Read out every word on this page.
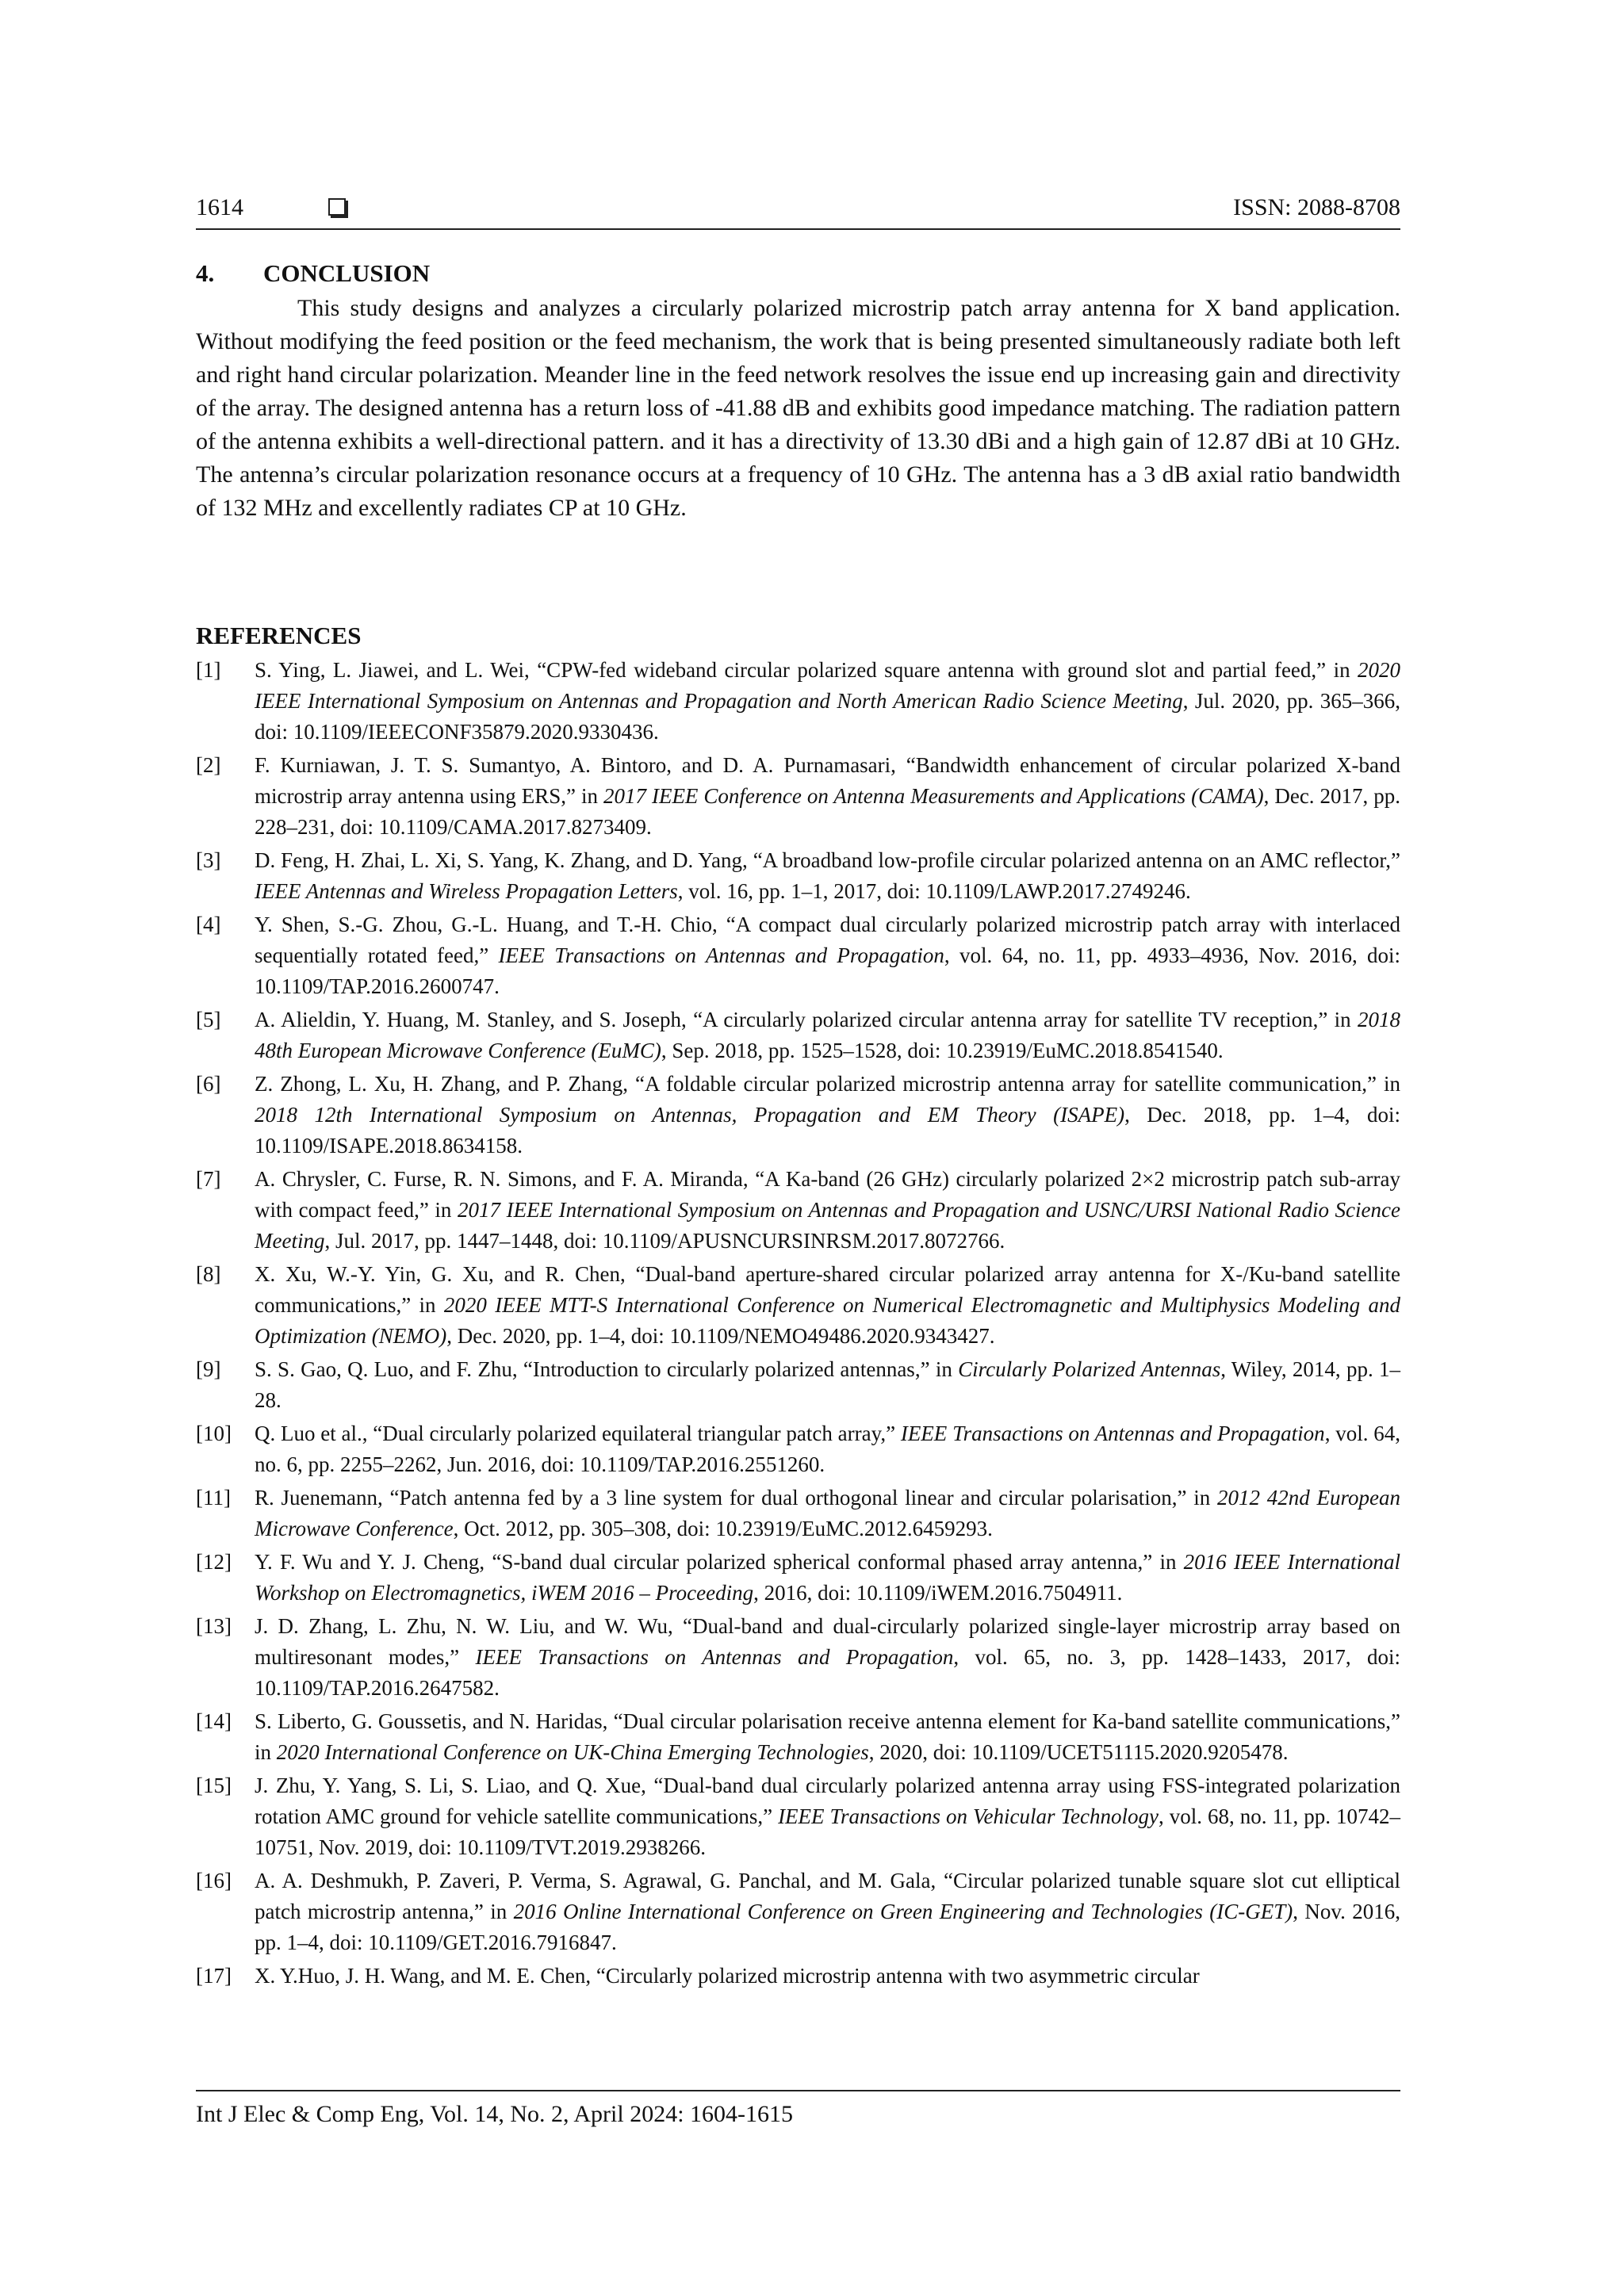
1614	ISSN: 2088-8708
4. CONCLUSION

This study designs and analyzes a circularly polarized microstrip patch array antenna for X band application. Without modifying the feed position or the feed mechanism, the work that is being presented simultaneously radiate both left and right hand circular polarization. Meander line in the feed network resolves the issue end up increasing gain and directivity of the array. The designed antenna has a return loss of -41.88 dB and exhibits good impedance matching. The radiation pattern of the antenna exhibits a well-directional pattern. and it has a directivity of 13.30 dBi and a high gain of 12.87 dBi at 10 GHz. The antenna’s circular polarization resonance occurs at a frequency of 10 GHz. The antenna has a 3 dB axial ratio bandwidth of 132 MHz and excellently radiates CP at 10 GHz.

REFERENCES
[1] S. Ying, L. Jiawei, and L. Wei, “CPW-fed wideband circular polarized square antenna with ground slot and partial feed,” in 2020 IEEE International Symposium on Antennas and Propagation and North American Radio Science Meeting, Jul. 2020, pp. 365–366, doi: 10.1109/IEEECONF35879.2020.9330436.
[2] F. Kurniawan, J. T. S. Sumantyo, A. Bintoro, and D. A. Purnamasari, “Bandwidth enhancement of circular polarized X-band microstrip array antenna using ERS,” in 2017 IEEE Conference on Antenna Measurements and Applications (CAMA), Dec. 2017, pp. 228–231, doi: 10.1109/CAMA.2017.8273409.
[3] D. Feng, H. Zhai, L. Xi, S. Yang, K. Zhang, and D. Yang, “A broadband low-profile circular polarized antenna on an AMC reflector,” IEEE Antennas and Wireless Propagation Letters, vol. 16, pp. 1–1, 2017, doi: 10.1109/LAWP.2017.2749246.
[4] Y. Shen, S.-G. Zhou, G.-L. Huang, and T.-H. Chio, “A compact dual circularly polarized microstrip patch array with interlaced sequentially rotated feed,” IEEE Transactions on Antennas and Propagation, vol. 64, no. 11, pp. 4933–4936, Nov. 2016, doi: 10.1109/TAP.2016.2600747.
[5] A. Alieldin, Y. Huang, M. Stanley, and S. Joseph, “A circularly polarized circular antenna array for satellite TV reception,” in 2018 48th European Microwave Conference (EuMC), Sep. 2018, pp. 1525–1528, doi: 10.23919/EuMC.2018.8541540.
[6] Z. Zhong, L. Xu, H. Zhang, and P. Zhang, “A foldable circular polarized microstrip antenna array for satellite communication,” in 2018 12th International Symposium on Antennas, Propagation and EM Theory (ISAPE), Dec. 2018, pp. 1–4, doi: 10.1109/ISAPE.2018.8634158.
[7] A. Chrysler, C. Furse, R. N. Simons, and F. A. Miranda, “A Ka-band (26 GHz) circularly polarized 2×2 microstrip patch sub-array with compact feed,” in 2017 IEEE International Symposium on Antennas and Propagation and USNC/URSI National Radio Science Meeting, Jul. 2017, pp. 1447–1448, doi: 10.1109/APUSNCURSINRSM.2017.8072766.
[8] X. Xu, W.-Y. Yin, G. Xu, and R. Chen, “Dual-band aperture-shared circular polarized array antenna for X-/Ku-band satellite communications,” in 2020 IEEE MTT-S International Conference on Numerical Electromagnetic and Multiphysics Modeling and Optimization (NEMO), Dec. 2020, pp. 1–4, doi: 10.1109/NEMO49486.2020.9343427.
[9] S. S. Gao, Q. Luo, and F. Zhu, “Introduction to circularly polarized antennas,” in Circularly Polarized Antennas, Wiley, 2014, pp. 1–28.
[10] Q. Luo et al., “Dual circularly polarized equilateral triangular patch array,” IEEE Transactions on Antennas and Propagation, vol. 64, no. 6, pp. 2255–2262, Jun. 2016, doi: 10.1109/TAP.2016.2551260.
[11] R. Juenemann, “Patch antenna fed by a 3 line system for dual orthogonal linear and circular polarisation,” in 2012 42nd European Microwave Conference, Oct. 2012, pp. 305–308, doi: 10.23919/EuMC.2012.6459293.
[12] Y. F. Wu and Y. J. Cheng, “S-band dual circular polarized spherical conformal phased array antenna,” in 2016 IEEE International Workshop on Electromagnetics, iWEM 2016 – Proceeding, 2016, doi: 10.1109/iWEM.2016.7504911.
[13] J. D. Zhang, L. Zhu, N. W. Liu, and W. Wu, “Dual-band and dual-circularly polarized single-layer microstrip array based on multiresonant modes,” IEEE Transactions on Antennas and Propagation, vol. 65, no. 3, pp. 1428–1433, 2017, doi: 10.1109/TAP.2016.2647582.
[14] S. Liberto, G. Goussetis, and N. Haridas, “Dual circular polarisation receive antenna element for Ka-band satellite communications,” in 2020 International Conference on UK-China Emerging Technologies, 2020, doi: 10.1109/UCET51115.2020.9205478.
[15] J. Zhu, Y. Yang, S. Li, S. Liao, and Q. Xue, “Dual-band dual circularly polarized antenna array using FSS-integrated polarization rotation AMC ground for vehicle satellite communications,” IEEE Transactions on Vehicular Technology, vol. 68, no. 11, pp. 10742–10751, Nov. 2019, doi: 10.1109/TVT.2019.2938266.
[16] A. A. Deshmukh, P. Zaveri, P. Verma, S. Agrawal, G. Panchal, and M. Gala, “Circular polarized tunable square slot cut elliptical patch microstrip antenna,” in 2016 Online International Conference on Green Engineering and Technologies (IC-GET), Nov. 2016, pp. 1–4, doi: 10.1109/GET.2016.7916847.
[17] X. Y.Huo, J. H. Wang, and M. E. Chen, “Circularly polarized microstrip antenna with two asymmetric circular
Int J Elec & Comp Eng, Vol. 14, No. 2, April 2024: 1604-1615
